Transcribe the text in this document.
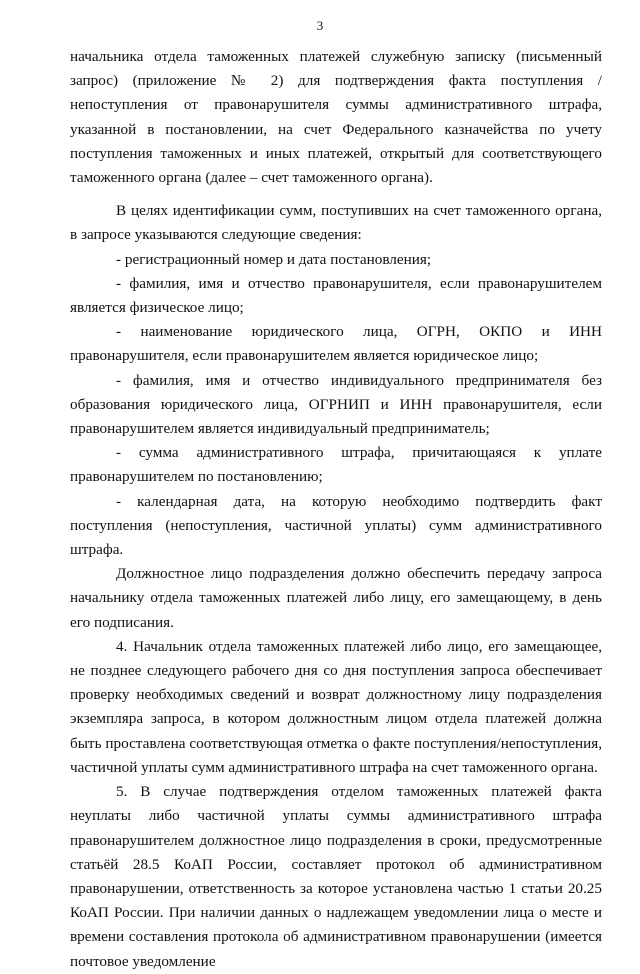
3

начальника отдела таможенных платежей служебную записку (письменный запрос) (приложение № 2) для подтверждения факта поступления / непоступления от правонарушителя суммы административного штрафа, указанной в постановлении, на счет Федерального казначейства по учету поступления таможенных и иных платежей, открытый для соответствующего таможенного органа (далее – счет таможенного органа).

В целях идентификации сумм, поступивших на счет таможенного органа, в запросе указываются следующие сведения:

- регистрационный номер и дата постановления;

- фамилия, имя и отчество правонарушителя, если правонарушителем является физическое лицо;

- наименование юридического лица, ОГРН, ОКПО и ИНН правонарушителя, если правонарушителем является юридическое лицо;

- фамилия, имя и отчество индивидуального предпринимателя без образования юридического лица, ОГРНИП и ИНН правонарушителя, если правонарушителем является индивидуальный предприниматель;

- сумма административного штрафа, причитающаяся к уплате правонарушителем по постановлению;

- календарная дата, на которую необходимо подтвердить факт поступления (непоступления, частичной уплаты) сумм административного штрафа.

Должностное лицо подразделения должно обеспечить передачу запроса начальнику отдела таможенных платежей либо лицу, его замещающему, в день его подписания.

4. Начальник отдела таможенных платежей либо лицо, его замещающее, не позднее следующего рабочего дня со дня поступления запроса обеспечивает проверку необходимых сведений и возврат должностному лицу подразделения экземпляра запроса, в котором должностным лицом отдела платежей должна быть проставлена соответствующая отметка о факте поступления/непоступления, частичной уплаты сумм административного штрафа на счет таможенного органа.

5. В случае подтверждения отделом таможенных платежей факта неуплаты либо частичной уплаты суммы административного штрафа правонарушителем должностное лицо подразделения в сроки, предусмотренные статьёй 28.5 КоАП России, составляет протокол об административном правонарушении, ответственность за которое установлена частью 1 статьи 20.25 КоАП России. При наличии данных о надлежащем уведомлении лица о месте и времени составления протокола об административном правонарушении (имеется почтовое уведомление
